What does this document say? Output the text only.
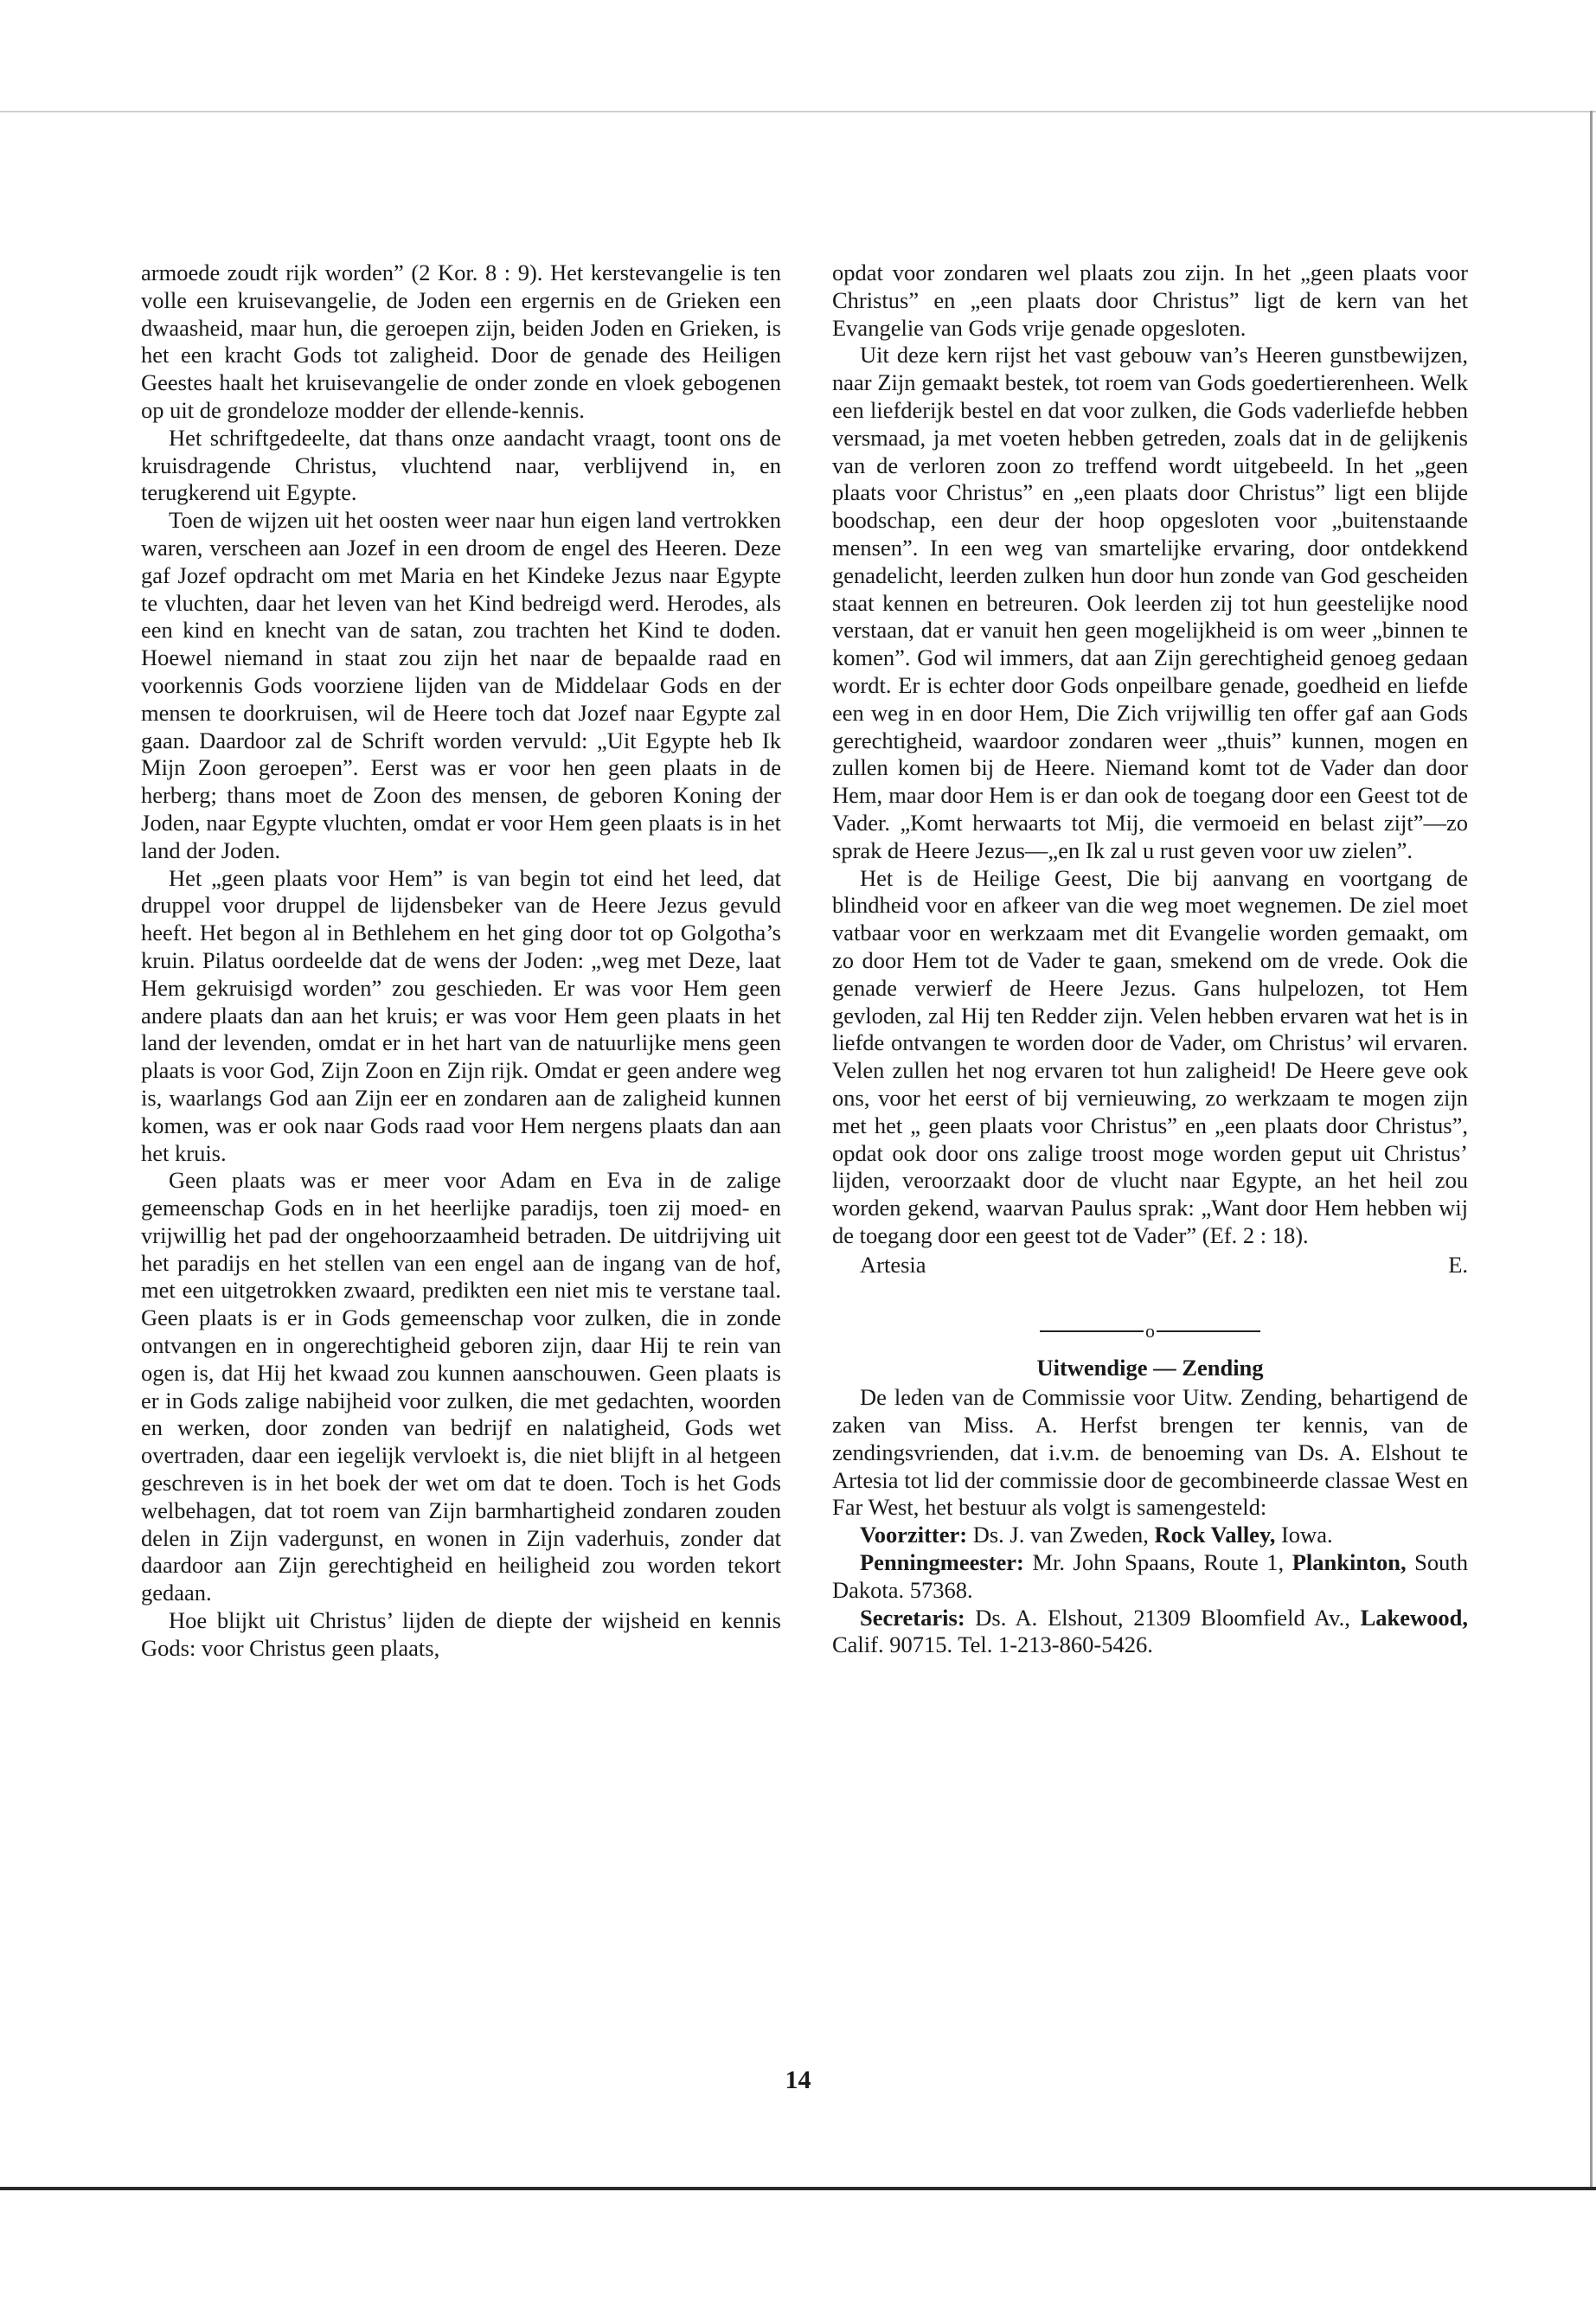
armoede zoudt rijk worden” (2 Kor. 8 : 9). Het kerstevangelie is ten volle een kruisevangelie, de Joden een ergernis en de Grieken een dwaasheid, maar hun, die geroepen zijn, beiden Joden en Grieken, is het een kracht Gods tot zaligheid. Door de genade des Heiligen Geestes haalt het kruisevangelie de onder zonde en vloek gebogenen op uit de grondeloze modder der ellende-kennis.

Het schriftgedeelte, dat thans onze aandacht vraagt, toont ons de kruisdragende Christus, vluchtend naar, verblijvend in, en terugkerend uit Egypte.

Toen de wijzen uit het oosten weer naar hun eigen land vertrokken waren, verscheen aan Jozef in een droom de engel des Heeren. Deze gaf Jozef opdracht om met Maria en het Kindeke Jezus naar Egypte te vluchten, daar het leven van het Kind bedreigd werd. Herodes, als een kind en knecht van de satan, zou trachten het Kind te doden. Hoewel niemand in staat zou zijn het naar de bepaalde raad en voorkennis Gods voorziene lijden van de Middelaar Gods en der mensen te doorkruisen, wil de Heere toch dat Jozef naar Egypte zal gaan. Daardoor zal de Schrift worden vervuld: „Uit Egypte heb Ik Mijn Zoon geroepen”. Eerst was er voor hen geen plaats in de herberg; thans moet de Zoon des mensen, de geboren Koning der Joden, naar Egypte vluchten, omdat er voor Hem geen plaats is in het land der Joden.

Het „geen plaats voor Hem” is van begin tot eind het leed, dat druppel voor druppel de lijdensbeker van de Heere Jezus gevuld heeft. Het begon al in Bethlehem en het ging door tot op Golgotha’s kruin. Pilatus oordeelde dat de wens der Joden: „weg met Deze, laat Hem gekruisigd worden” zou geschieden. Er was voor Hem geen andere plaats dan aan het kruis; er was voor Hem geen plaats in het land der levenden, omdat er in het hart van de natuurlijke mens geen plaats is voor God, Zijn Zoon en Zijn rijk. Omdat er geen andere weg is, waarlangs God aan Zijn eer en zondaren aan de zaligheid kunnen komen, was er ook naar Gods raad voor Hem nergens plaats dan aan het kruis.

Geen plaats was er meer voor Adam en Eva in de zalige gemeenschap Gods en in het heerlijke paradijs, toen zij moed- en vrijwillig het pad der ongehoorzaamheid betraden. De uitdrijving uit het paradijs en het stellen van een engel aan de ingang van de hof, met een uitgetrokken zwaard, predikten een niet mis te verstane taal. Geen plaats is er in Gods gemeenschap voor zulken, die in zonde ontvangen en in ongerechtigheid geboren zijn, daar Hij te rein van ogen is, dat Hij het kwaad zou kunnen aanschouwen. Geen plaats is er in Gods zalige nabijheid voor zulken, die met gedachten, woorden en werken, door zonden van bedrijf en nalatigheid, Gods wet overtraden, daar een iegelijk vervloekt is, die niet blijft in al hetgeen geschreven is in het boek der wet om dat te doen. Toch is het Gods welbehagen, dat tot roem van Zijn barmhartigheid zondaren zouden delen in Zijn vadergunst, en wonen in Zijn vaderhuis, zonder dat daardoor aan Zijn gerechtigheid en heiligheid zou worden tekort gedaan.

Hoe blijkt uit Christus’ lijden de diepte der wijsheid en kennis Gods: voor Christus geen plaats,

opdat voor zondaren wel plaats zou zijn. In het „geen plaats voor Christus” en „een plaats door Christus” ligt de kern van het Evangelie van Gods vrije genade opgesloten.

Uit deze kern rijst het vast gebouw van’s Heeren gunstbewijzen, naar Zijn gemaakt bestek, tot roem van Gods goedertierenheen. Welk een liefderijk bestel en dat voor zulken, die Gods vaderliefde hebben versmaad, ja met voeten hebben getreden, zoals dat in de gelijkenis van de verloren zoon zo treffend wordt uitgebeeld. In het „geen plaats voor Christus” en „een plaats door Christus” ligt een blijde boodschap, een deur der hoop opgesloten voor „buitenstaande mensen”. In een weg van smartelijke ervaring, door ontdekkend genadelicht, leerden zulken hun door hun zonde van God gescheiden staat kennen en betreuren. Ook leerden zij tot hun geestelijke nood verstaan, dat er vanuit hen geen mogelijkheid is om weer „binnen te komen”. God wil immers, dat aan Zijn gerechtigheid genoeg gedaan wordt. Er is echter door Gods onpeilbare genade, goedheid en liefde een weg in en door Hem, Die Zich vrijwillig ten offer gaf aan Gods gerechtigheid, waardoor zondaren weer „thuis” kunnen, mogen en zullen komen bij de Heere. Niemand komt tot de Vader dan door Hem, maar door Hem is er dan ook de toegang door een Geest tot de Vader. „Komt herwaarts tot Mij, die vermoeid en belast zijt”—zo sprak de Heere Jezus—„en Ik zal u rust geven voor uw zielen”.

Het is de Heilige Geest, Die bij aanvang en voortgang de blindheid voor en afkeer van die weg moet wegnemen. De ziel moet vatbaar voor en werkzaam met dit Evangelie worden gemaakt, om zo door Hem tot de Vader te gaan, smekend om de vrede. Ook die genade verwierf de Heere Jezus. Gans hulpelozen, tot Hem gevloden, zal Hij ten Redder zijn. Velen hebben ervaren wat het is in liefde ontvangen te worden door de Vader, om Christus’ wil ervaren. Velen zullen het nog ervaren tot hun zaligheid! De Heere geve ook ons, voor het eerst of bij vernieuwing, zo werkzaam te mogen zijn met het „ geen plaats voor Christus” en „een plaats door Christus”, opdat ook door ons zalige troost moge worden geput uit Christus’ lijden, veroorzaakt door de vlucht naar Egypte, an het heil zou worden gekend, waarvan Paulus sprak: „Want door Hem hebben wij de toegang door een geest tot de Vader” (Ef. 2 : 18).

Artesia	E.
o
Uitwendige — Zending

De leden van de Commissie voor Uitw. Zending, behartigend de zaken van Miss. A. Herfst brengen ter kennis, van de zendingsvrienden, dat i.v.m. de benoeming van Ds. A. Elshout te Artesia tot lid der commissie door de gecombineerde classae West en Far West, het bestuur als volgt is samengesteld:

Voorzitter: Ds. J. van Zweden, Rock Valley, Iowa.

Penningmeester: Mr. John Spaans, Route 1, Plankinton, South Dakota. 57368.

Secretaris: Ds. A. Elshout, 21309 Bloomfield Av., Lakewood, Calif. 90715. Tel. 1-213-860-5426.

14
